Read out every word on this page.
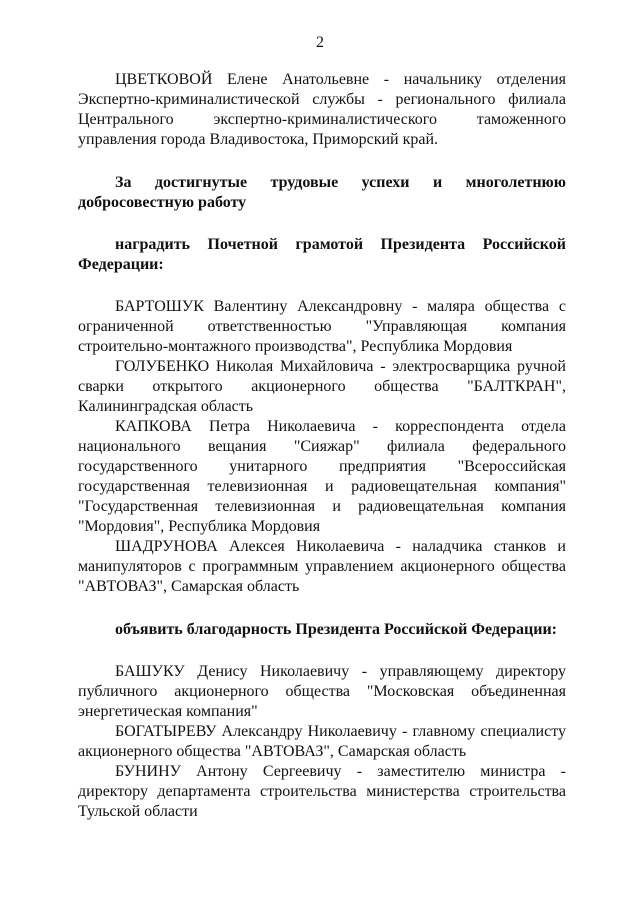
2

ЦВЕТКОВОЙ Елене Анатольевне - начальнику отделения Экспертно-криминалистической службы - регионального филиала Центрального экспертно-криминалистического таможенного управления города Владивостока, Приморский край.

За достигнутые трудовые успехи и многолетнюю добросовестную работу

наградить Почетной грамотой Президента Российской Федерации:

БАРТОШУК Валентину Александровну - маляра общества с ограниченной ответственностью "Управляющая компания строительно-монтажного производства", Республика Мордовия

ГОЛУБЕНКО Николая Михайловича - электросварщика ручной сварки открытого акционерного общества "БАЛТКРАН", Калининградская область

КАПКОВА Петра Николаевича - корреспондента отдела национального вещания "Сияжар" филиала федерального государственного унитарного предприятия "Всероссийская государственная телевизионная и радиовещательная компания" "Государственная телевизионная и радиовещательная компания "Мордовия", Республика Мордовия

ШАДРУНОВА Алексея Николаевича - наладчика станков и манипуляторов с программным управлением акционерного общества "АВТОВАЗ", Самарская область

объявить благодарность Президента Российской Федерации:

БАШУКУ Денису Николаевичу - управляющему директору публичного акционерного общества "Московская объединенная энергетическая компания"

БОГАТЫРЕВУ Александру Николаевичу - главному специалисту акционерного общества "АВТОВАЗ", Самарская область

БУНИНУ Антону Сергеевичу - заместителю министра - директору департамента строительства министерства строительства Тульской области
